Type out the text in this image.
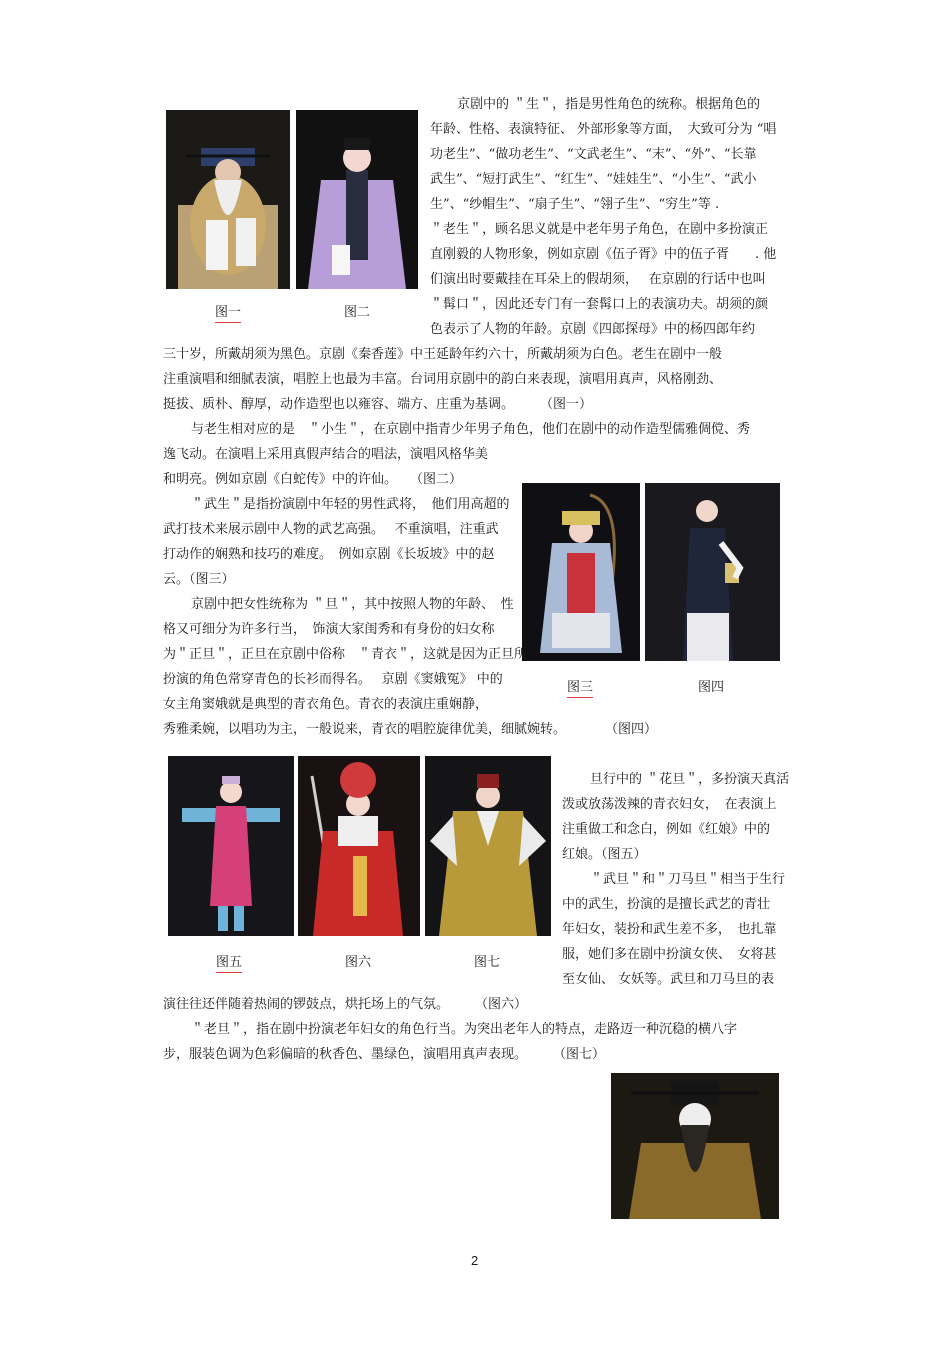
图一	图二
图三	图四
图五	图六	图七
京剧中的 ＂生＂，指是男性角色的统称。根据角色的
年龄、性格、表演特征、 外部形象等方面，　大致可分为 “唱
功老生”、“做功老生”、“文武老生”、“末”、“外”、“长靠
武生”、“短打武生”、“红生”、“娃娃生”、“小生”、“武小
生”、“纱帽生”、“扇子生”、“翎子生”、“穷生”等 .
＂老生＂，顾名思义就是中老年男子角色，在剧中多扮演正
直刚毅的人物形象，例如京剧《伍子胥》中的伍子胥　　. 他
们演出时要戴挂在耳朵上的假胡须，　 在京剧的行话中也叫
＂髯口＂，因此还专门有一套髯口上的表演功夫。胡须的颜
色表示了人物的年龄。京剧《四郎探母》中的杨四郎年约
三十岁，所戴胡须为黑色。京剧《秦香莲》中王延龄年约六十，所戴胡须为白色。老生在剧中一般
注重演唱和细腻表演，唱腔上也最为丰富。台词用京剧中的韵白来表现，演唱用真声，风格刚劲、
挺拔、质朴、醇厚，动作造型也以雍容、端方、庄重为基调。　　　（图一）
与老生相对应的是　＂小生＂，在京剧中指青少年男子角色，他们在剧中的动作造型儒雅倜傥、秀
逸飞动。在演唱上采用真假声结合的唱法，演唱风格华美
和明亮。例如京剧《白蛇传》中的许仙。　　（图二）
＂武生＂是指扮演剧中年轻的男性武将，　他们用高超的
武打技术来展示剧中人物的武艺高强。　 不重演唱，注重武
打动作的娴熟和技巧的难度。　例如京剧《长坂坡》中的赵
云。（图三）
京剧中把女性统称为 ＂旦＂，其中按照人物的年龄、　性
格又可细分为许多行当，　饰演大家闺秀和有身份的妇女称
为＂正旦＂，正旦在京剧中俗称　＂青衣＂，这就是因为正旦所
扮演的角色常穿青色的长衫而得名。　 京剧《窦娥冤》 中的
女主角窦娥就是典型的青衣角色。青衣的表演庄重娴静，
秀雅柔婉，以唱功为主，一般说来，青衣的唱腔旋律优美，细腻婉转。　　　　（图四）
旦行中的 ＂花旦＂，多扮演天真活
泼或放荡泼辣的青衣妇女，　在表演上
注重做工和念白，例如《红娘》中的
红娘。（图五）
＂武旦＂和＂刀马旦＂相当于生行
中的武生，扮演的是擅长武艺的青壮
年妇女，装扮和武生差不多，　也扎靠
服，她们多在剧中扮演女侠、　女将甚
至女仙、 女妖等。武旦和刀马旦的表
演往往还伴随着热闹的锣鼓点，烘托场上的气氛。　　　（图六）
＂老旦＂，指在剧中扮演老年妇女的角色行当。为突出老年人的特点，走路迈一种沉稳的横八字
步，服装色调为色彩偏暗的秋香色、墨绿色，演唱用真声表现。　　　（图七）
2
